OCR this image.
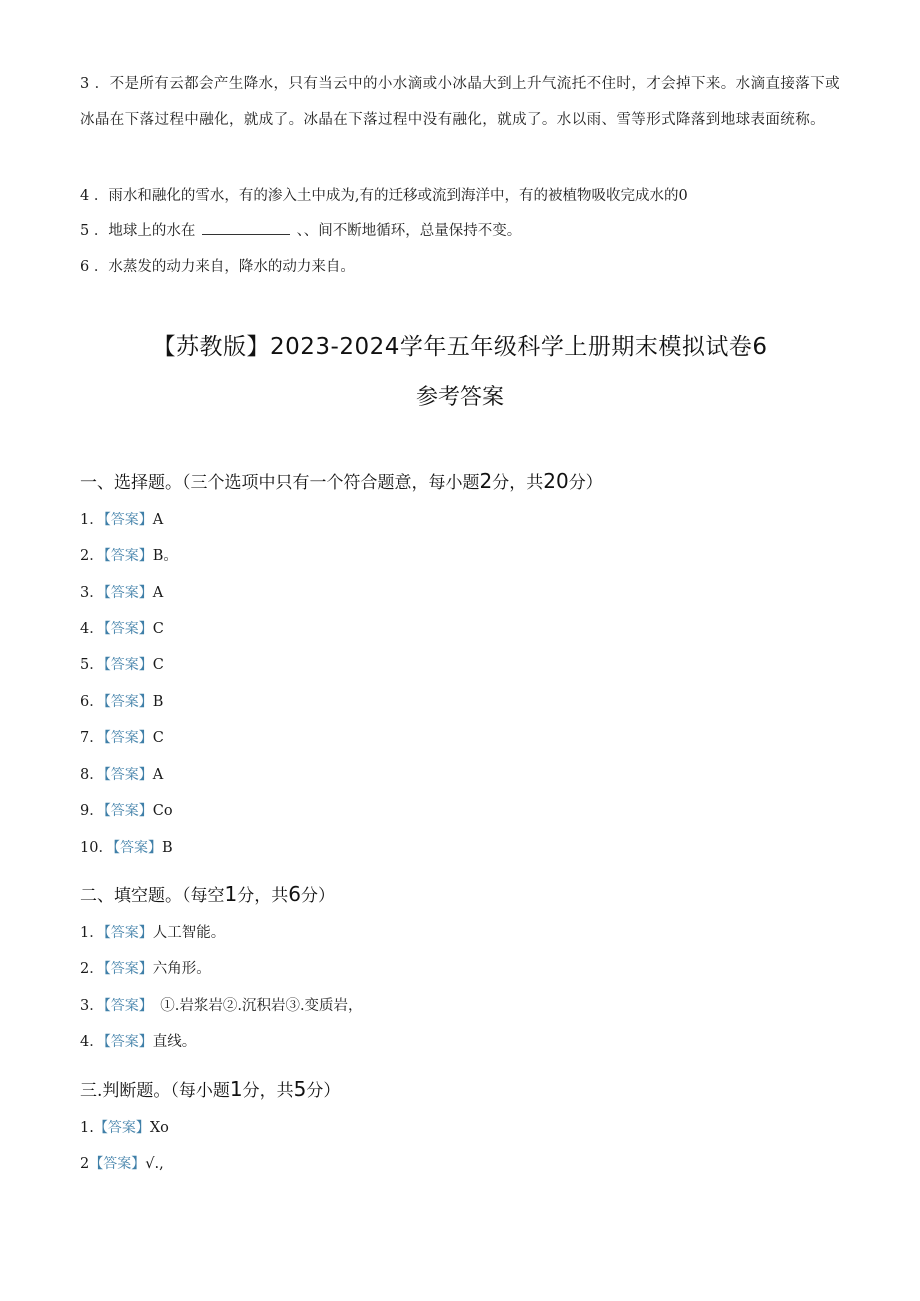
3 ．不是所有云都会产生降水，只有当云中的小水滴或小冰晶大到上升气流托不住时，才会掉下来。水滴直接落下或冰晶在下落过程中融化，就成了。冰晶在下落过程中没有融化，就成了。水以雨、雪等形式降落到地球表面统称。
4 ．雨水和融化的雪水，有的渗入土中成为,有的迁移或流到海洋中，有的被植物吸收完成水的0
5 ．地球上的水在	、、间不断地循环，总量保持不变。
6 ．水蒸发的动力来自，降水的动力来自。
【苏教版】2023-2024学年五年级科学上册期末模拟试卷6
参考答案
一、选择题。（三个选项中只有一个符合题意，每小题2分，共20分）
1．【答案】A
2．【答案】B。
3．【答案】A
4．【答案】C
5．【答案】C
6．【答案】B
7．【答案】C
8．【答案】A
9．【答案】Co
10．【答案】B
二、填空题。（每空1分，共6分）
1．【答案】人工智能。
2．【答案】六角形。
3．【答案】　①.岩浆岩②.沉积岩③.变质岩，
4．【答案】直线。
三.判断题。（每小题1分，共5分）
1.【答案】Xo
2【答案】√.,
